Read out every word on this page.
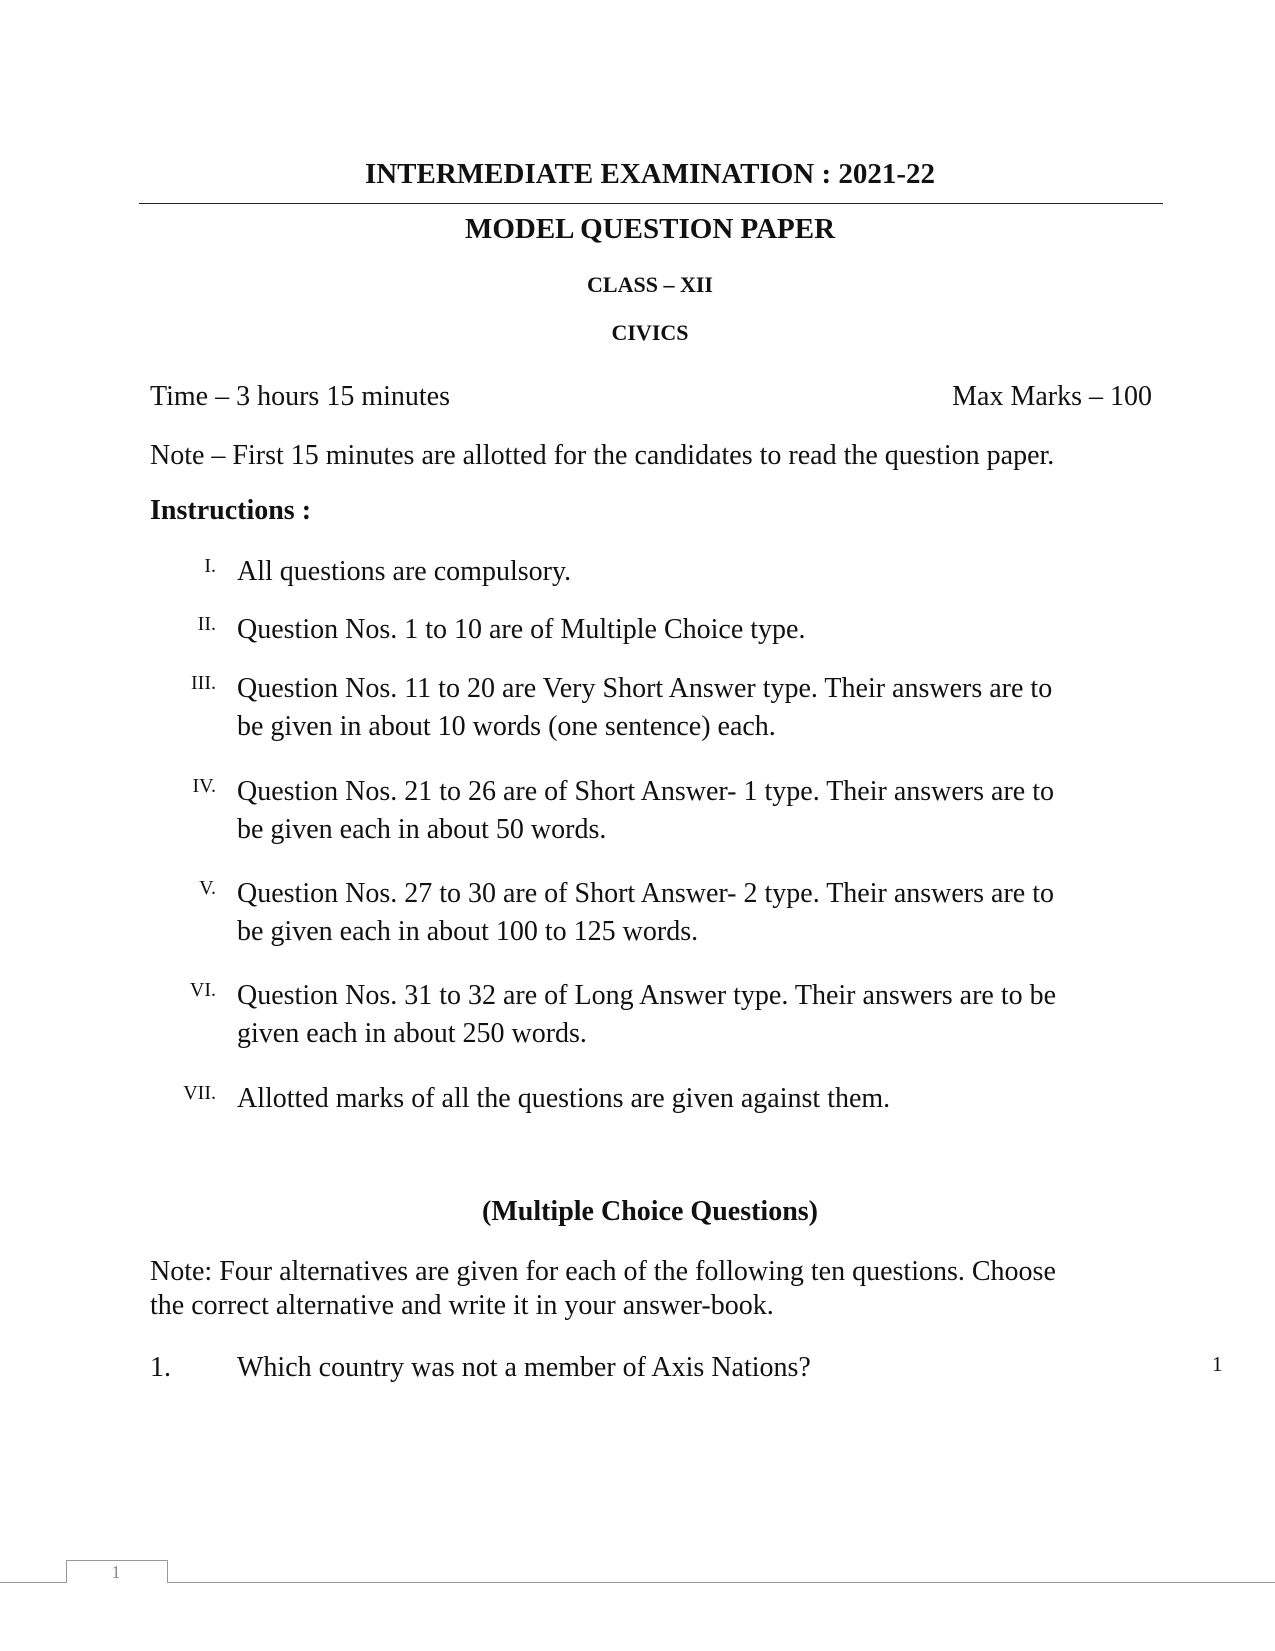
INTERMEDIATE EXAMINATION : 2021-22
MODEL QUESTION PAPER
CLASS – XII
CIVICS
Time – 3 hours 15 minutes	Max Marks – 100
Note – First 15 minutes are allotted for the candidates to read the question paper.
Instructions :
I. All questions are compulsory.
II. Question Nos. 1 to 10 are of Multiple Choice type.
III. Question Nos. 11 to 20 are Very Short Answer type. Their answers are to
be given in about 10 words (one sentence) each.
IV. Question Nos. 21 to 26 are of Short Answer- 1 type. Their answers are to
be given each in about 50 words.
V. Question Nos. 27 to 30 are of Short Answer- 2 type. Their answers are to
be given each in about 100 to 125 words.
VI. Question Nos. 31 to 32 are of Long Answer type. Their answers are to be
given each in about 250 words.
VII. Allotted marks of all the questions are given against them.
(Multiple Choice Questions)
Note: Four alternatives are given for each of the following ten questions. Choose
the correct alternative and write it in your answer-book.
1. Which country was not a member of Axis Nations?	1
1
